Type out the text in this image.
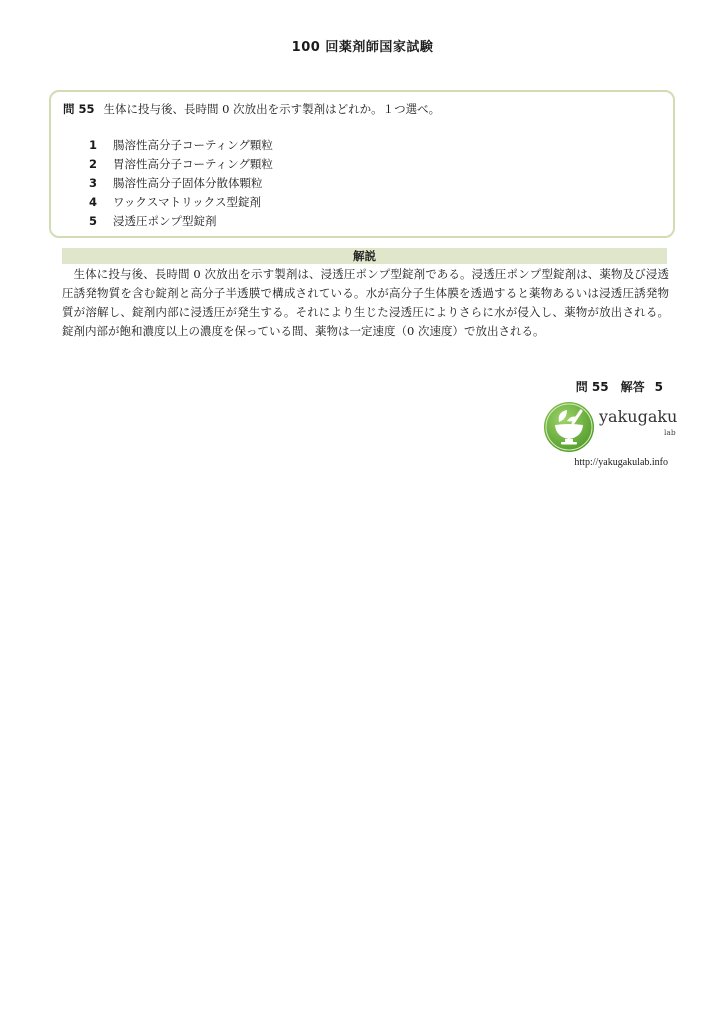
100 回薬剤師国家試験
問 55 生体に投与後、長時間 0 次放出を示す製剤はどれか。１つ選べ。
1 腸溶性高分子コーティング顆粒
2 胃溶性高分子コーティング顆粒
3 腸溶性高分子固体分散体顆粒
4 ワックスマトリックス型錠剤
5 浸透圧ポンプ型錠剤
解説

生体に投与後、長時間 0 次放出を示す製剤は、浸透圧ポンプ型錠剤である。浸透圧ポンプ型錠剤は、薬物及び浸透圧誘発物質を含む錠剤と高分子半透膜で構成されている。水が高分子生体膜を透過すると薬物あるいは浸透圧誘発物質が溶解し、錠剤内部に浸透圧が発生する。それにより生じた浸透圧によりさらに水が侵入し、薬物が放出される。錠剤内部が飽和濃度以上の濃度を保っている間、薬物は一定速度（0 次速度）で放出される。

問 55　解答 5
yakugaku
lab
http://yakugakulab.info
